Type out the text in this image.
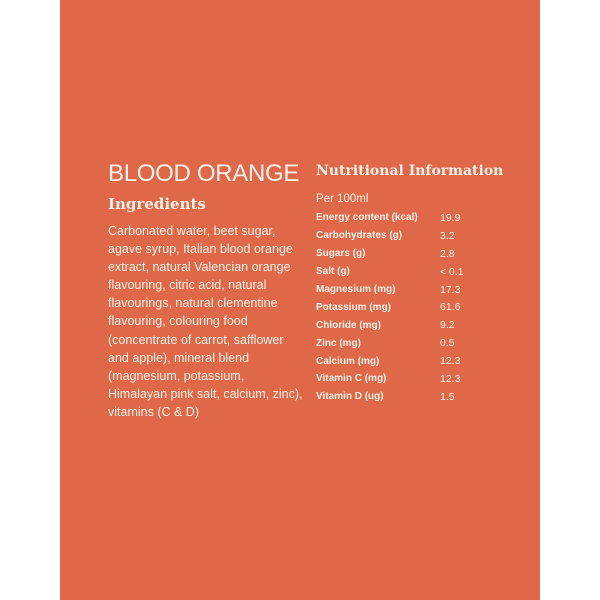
BLOOD ORANGE
Ingredients
Carbonated water, beet sugar, agave syrup, Italian blood orange extract, natural Valencian orange flavouring, citric acid, natural flavourings, natural clementine flavouring, colouring food (concentrate of carrot, safflower and apple), mineral blend (magnesium, potassium, Himalayan pink salt, calcium, zinc), vitamins (C & D)
Nutritional Information
Per 100ml
Energy content (kcal)	19.9
Carbohydrates (g)	3.2
Sugars (g)	2.8
Salt (g)	< 0.1
Magnesium (mg)	17.3
Potassium (mg)	61.6
Chloride (mg)	9.2
Zinc (mg)	0.5
Calcium (mg)	12.3
Vitamin C (mg)	12.3
Vitamin D (ug)	1.5
